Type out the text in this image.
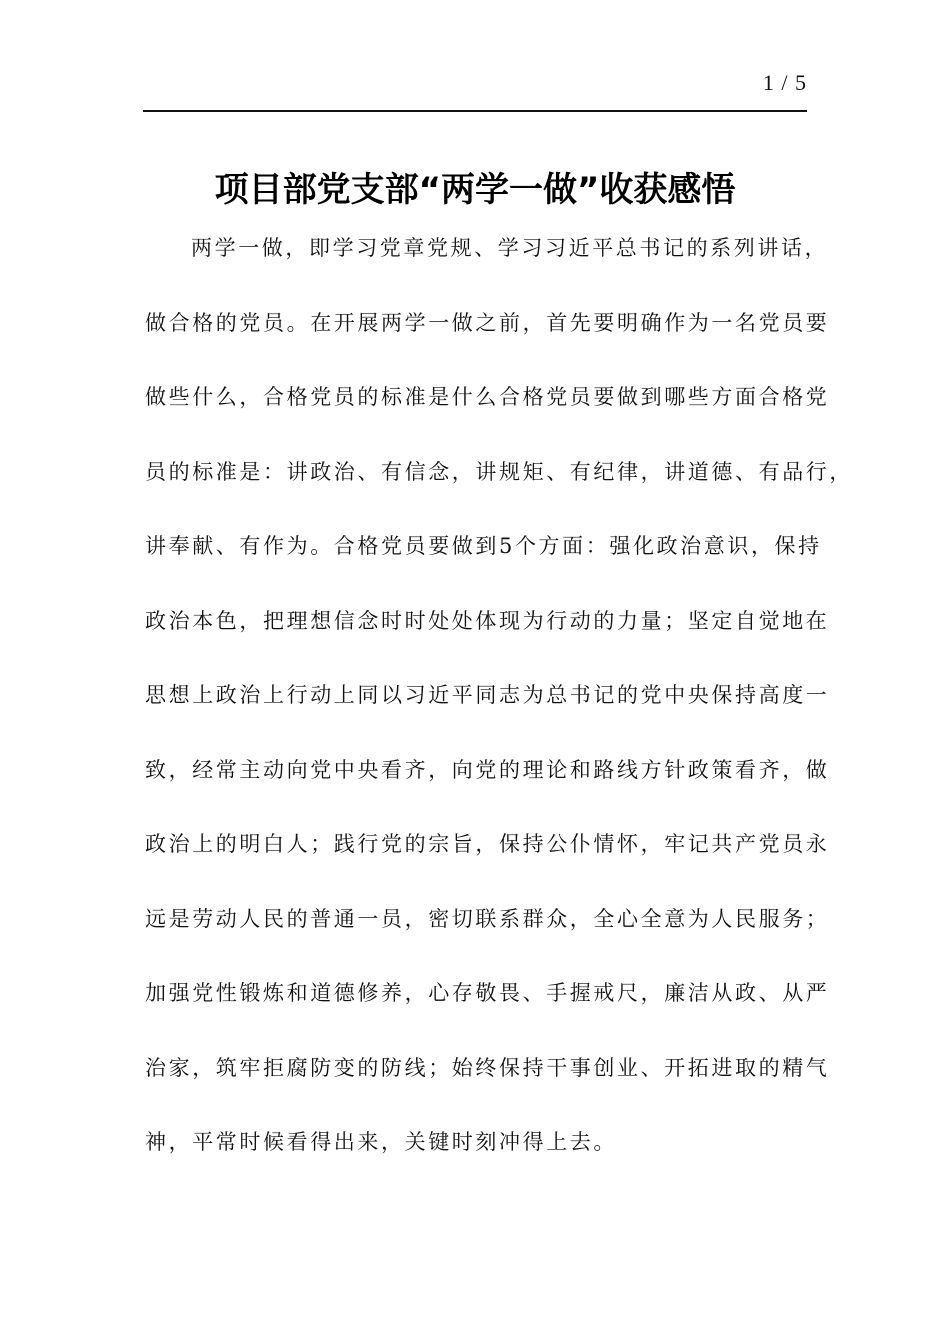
1 / 5
项目部党支部“两学一做”收获感悟
两学一做，即学习党章党规、学习习近平总书记的系列讲话，
做合格的党员。在开展两学一做之前，首先要明确作为一名党员要
做些什么，合格党员的标准是什么合格党员要做到哪些方面合格党
员的标准是：讲政治、有信念，讲规矩、有纪律，讲道德、有品行，
讲奉献、有作为。合格党员要做到5个方面：强化政治意识，保持
政治本色，把理想信念时时处处体现为行动的力量；坚定自觉地在
思想上政治上行动上同以习近平同志为总书记的党中央保持高度一
致，经常主动向党中央看齐，向党的理论和路线方针政策看齐，做
政治上的明白人；践行党的宗旨，保持公仆情怀，牢记共产党员永
远是劳动人民的普通一员，密切联系群众，全心全意为人民服务；
加强党性锻炼和道德修养，心存敬畏、手握戒尺，廉洁从政、从严
治家，筑牢拒腐防变的防线；始终保持干事创业、开拓进取的精气
神，平常时候看得出来，关键时刻冲得上去。
